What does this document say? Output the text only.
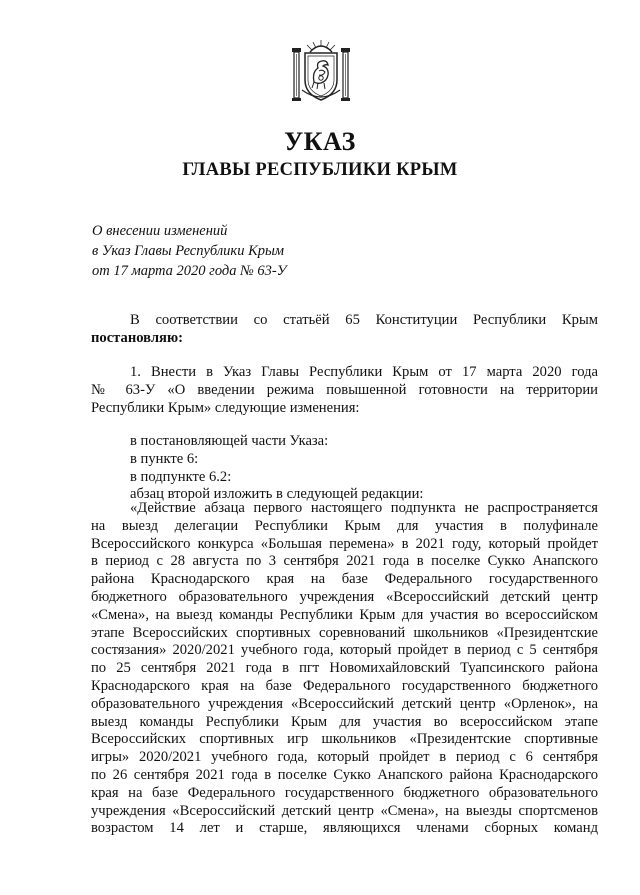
УКАЗ
ГЛАВЫ РЕСПУБЛИКИ КРЫМ
О внесении изменений
в Указ Главы Республики Крым
от 17 марта 2020 года № 63-У
В соответствии со статьёй 65 Конституции Республики Крым
постановляю:
1. Внести в Указ Главы Республики Крым от 17 марта 2020 года
№ 63-У «О введении режима повышенной готовности на территории
Республики Крым» следующие изменения:
в постановляющей части Указа:
в пункте 6:
в подпункте 6.2:
абзац второй изложить в следующей редакции:
«Действие абзаца первого настоящего подпункта не распространяется
на выезд делегации Республики Крым для участия в полуфинале
Всероссийского конкурса «Большая перемена» в 2021 году, который пройдет
в период с 28 августа по 3 сентября 2021 года в поселке Сукко Анапского
района Краснодарского края на базе Федерального государственного
бюджетного образовательного учреждения «Всероссийский детский центр
«Смена», на выезд команды Республики Крым для участия во всероссийском
этапе Всероссийских спортивных соревнований школьников «Президентские
состязания» 2020/2021 учебного года, который пройдет в период с 5 сентября
по 25 сентября 2021 года в пгт Новомихайловский Туапсинского района
Краснодарского края на базе Федерального государственного бюджетного
образовательного учреждения «Всероссийский детский центр «Орленок», на
выезд команды Республики Крым для участия во всероссийском этапе
Всероссийских спортивных игр школьников «Президентские спортивные
игры» 2020/2021 учебного года, который пройдет в период с 6 сентября
по 26 сентября 2021 года в поселке Сукко Анапского района Краснодарского
края на базе Федерального государственного бюджетного образовательного
учреждения «Всероссийский детский центр «Смена», на выезды спортсменов
возрастом 14 лет и старше, являющихся членами сборных команд
